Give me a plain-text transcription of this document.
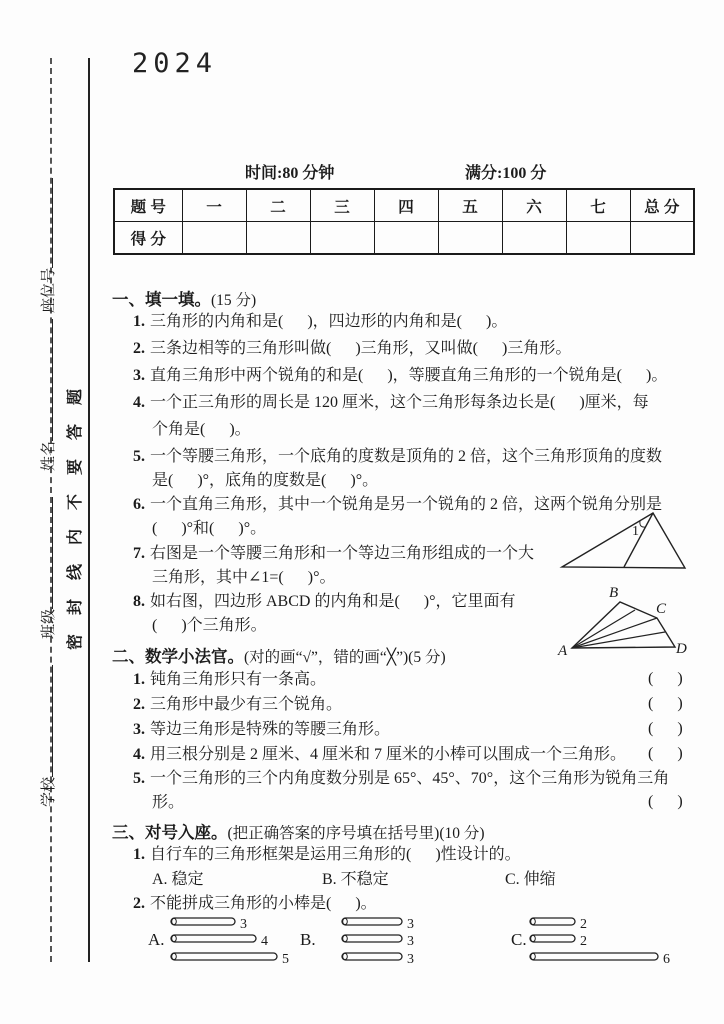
学校班级姓名座位号

密封线内不要答题
2024
时间:80 分钟	满分:100 分
题 号	一	二	三	四	五	六	七	总 分
得 分								
一、填一填。(15 分)
1. 三角形的内角和是(      )，四边形的内角和是(      )。
2. 三条边相等的三角形叫做(      )三角形，又叫做(      )三角形。
3. 直角三角形中两个锐角的和是(      )，等腰直角三角形的一个锐角是(      )。
4. 一个正三角形的周长是 120 厘米，这个三角形每条边长是(      )厘米，每
个角是(      )。
5. 一个等腰三角形，一个底角的度数是顶角的 2 倍，这个三角形顶角的度数
是(      )°，底角的度数是(      )°。
6. 一个直角三角形，其中一个锐角是另一个锐角的 2 倍，这两个锐角分别是
(      )°和(      )°。
7. 右图是一个等腰三角形和一个等边三角形组成的一个大
三角形，其中∠1=(      )°。
8. 如右图，四边形 ABCD 的内角和是(      )°，它里面有
(      )个三角形。
1
A
B
C
D
二、数学小法官。(对的画“√”，错的画“╳”)(5 分)
1. 钝角三角形只有一条高。	(      )
2. 三角形中最少有三个锐角。	(      )
3. 等边三角形是特殊的等腰三角形。	(      )
4. 用三根分别是 2 厘米、4 厘米和 7 厘米的小棒可以围成一个三角形。 (      )
5. 一个三角形的三个内角度数分别是 65°、45°、70°，这个三角形为锐角三角
形。	(      )
三、对号入座。(把正确答案的序号填在括号里)(10 分)
1. 自行车的三角形框架是运用三角形的(      )性设计的。
A. 稳定	B. 不稳定	C. 伸缩
2. 不能拼成三角形的小棒是(      )。
A.
3
4
5
B.
3
3
3
C.
2
2
6
